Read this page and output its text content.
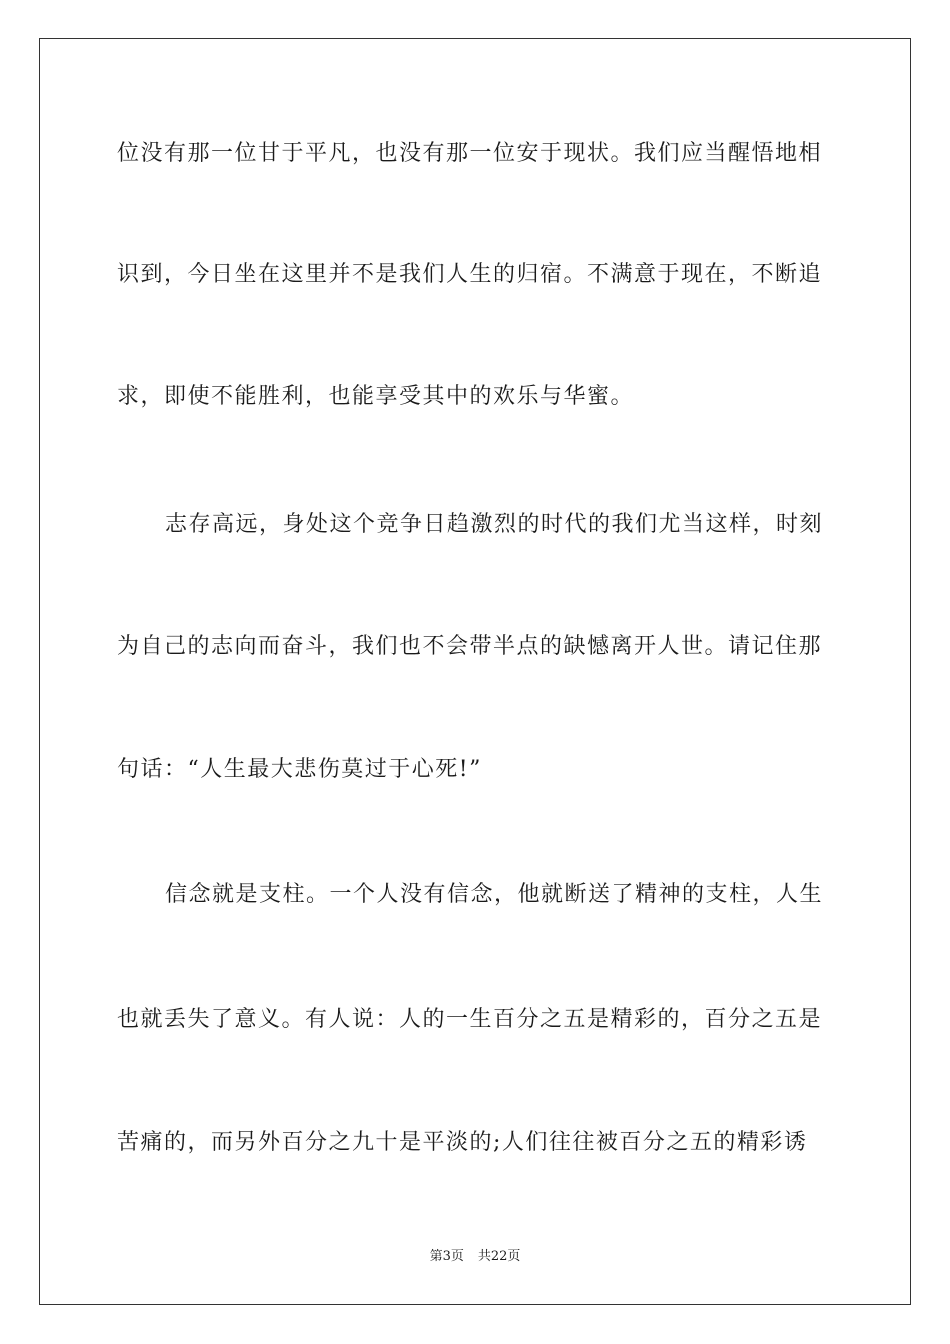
位没有那一位甘于平凡，也没有那一位安于现状。我们应当醒悟地相
识到，今日坐在这里并不是我们人生的归宿。不满意于现在，不断追
求，即使不能胜利，也能享受其中的欢乐与华蜜。
志存高远，身处这个竞争日趋激烈的时代的我们尤当这样，时刻
为自己的志向而奋斗，我们也不会带半点的缺憾离开人世。请记住那
句话：“人生最大悲伤莫过于心死!”
信念就是支柱。一个人没有信念，他就断送了精神的支柱，人生
也就丢失了意义。有人说：人的一生百分之五是精彩的，百分之五是
苦痛的，而另外百分之九十是平淡的;人们往往被百分之五的精彩诱
第3页 共22页
